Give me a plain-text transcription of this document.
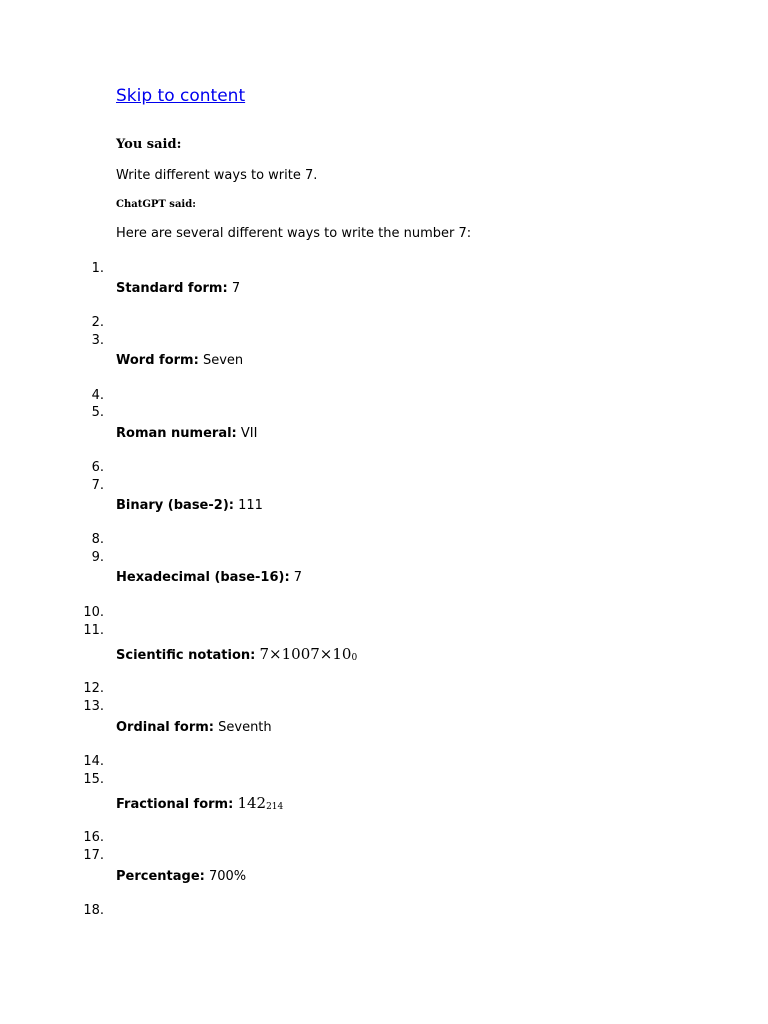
Skip to content
You said:
Write different ways to write 7.
ChatGPT said:
Here are several different ways to write the number 7:
1.
2.
3.
4.
5.
6.
7.
8.
9.
10.
11.
12.
13.
14.
15.
16.
17.
18.
Standard form: 7
Word form: Seven
Roman numeral: VII
Binary (base-2): 111
Hexadecimal (base-16): 7
Scientific notation: $7\times 1007\times 10_0$
Ordinal form: Seventh
Fractional form: $142_{214}$
Percentage: 700%
